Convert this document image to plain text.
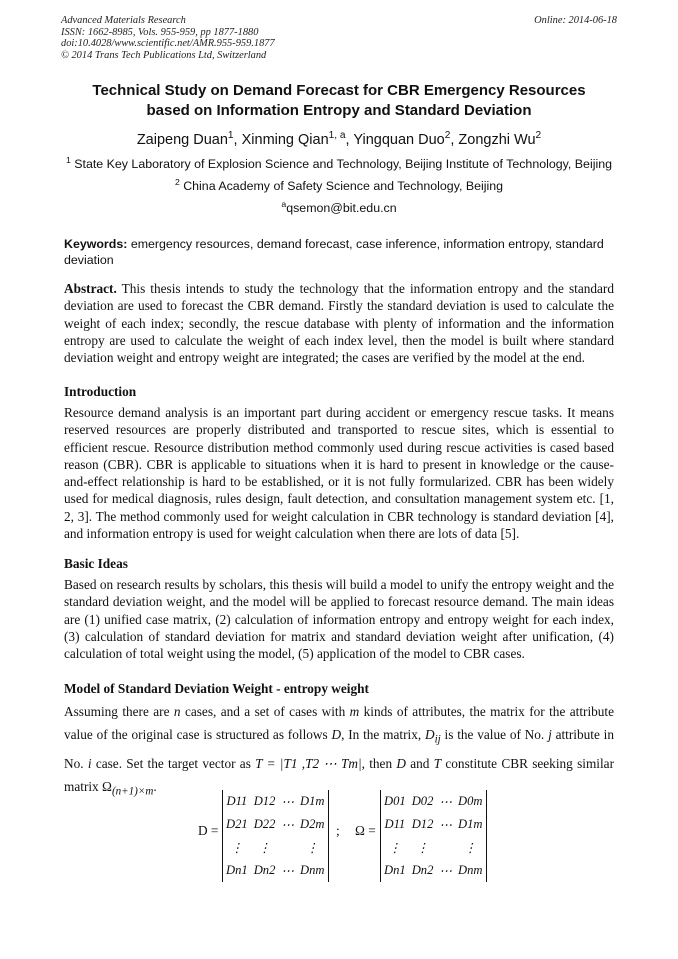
Advanced Materials Research
ISSN: 1662-8985, Vols. 955-959, pp 1877-1880
doi:10.4028/www.scientific.net/AMR.955-959.1877
© 2014 Trans Tech Publications Ltd, Switzerland
Online: 2014-06-18
Technical Study on Demand Forecast for CBR Emergency Resources
based on Information Entropy and Standard Deviation
Zaipeng Duan$^1$, Xinming Qian$^{1, a}$, Yingquan Duo$^2$, Zongzhi Wu$^2$
$^1$ State Key Laboratory of Explosion Science and Technology, Beijing Institute of Technology, Beijing
$^2$ China Academy of Safety Science and Technology, Beijing
$^a$qsemon@bit.edu.cn
Keywords: emergency resources, demand forecast, case inference, information entropy, standard deviation
Abstract. This thesis intends to study the technology that the information entropy and the standard deviation are used to forecast the CBR demand. Firstly the standard deviation is used to calculate the weight of each index; secondly, the rescue database with plenty of information and the information entropy are used to calculate the weight of each index level, then the model is built where standard deviation weight and entropy weight are integrated; the cases are verified by the model at the end.
Introduction
Resource demand analysis is an important part during accident or emergency rescue tasks. It means reserved resources are properly distributed and transported to rescue sites, which is essential to efficient rescue. Resource distribution method commonly used during rescue activities is cased based reason (CBR). CBR is applicable to situations when it is hard to present in knowledge or the cause-and-effect relationship is hard to be established, or it is not fully formularized. CBR has been widely used for medical diagnosis, rules design, fault detection, and consultation management system etc. [1, 2, 3]. The method commonly used for weight calculation in CBR technology is standard deviation [4], and information entropy is used for weight calculation when there are lots of data [5].
Basic Ideas
Based on research results by scholars, this thesis will build a model to unify the entropy weight and the standard deviation weight, and the model will be applied to forecast resource demand. The main ideas are (1) unified case matrix, (2) calculation of information entropy and entropy weight for each index, (3) calculation of standard deviation for matrix and standard deviation weight after unification, (4) calculation of total weight using the model, (5) application of the model to CBR cases.
Model of Standard Deviation Weight - entropy weight
Assuming there are n cases, and a set of cases with m kinds of attributes, the matrix for the attribute value of the original case is structured as follows D, In the matrix, $D_{ij}$ is the value of No. j attribute in No. i case. Set the target vector as T = |T1 ,T2 ⋯ Tm|, then D and T constitute CBR seeking similar matrix $\Omega_{(n+1)\times m}$.
D =
D11	D12	⋯	D1m
D21	D22	⋯	D2m
⋮	⋮		⋮
Dn1	Dn2	⋯	Dnm
; Ω =
D01	D02	⋯	D0m
D11	D12	⋯	D1m
⋮	⋮		⋮
Dn1	Dn2	⋯	Dnm
